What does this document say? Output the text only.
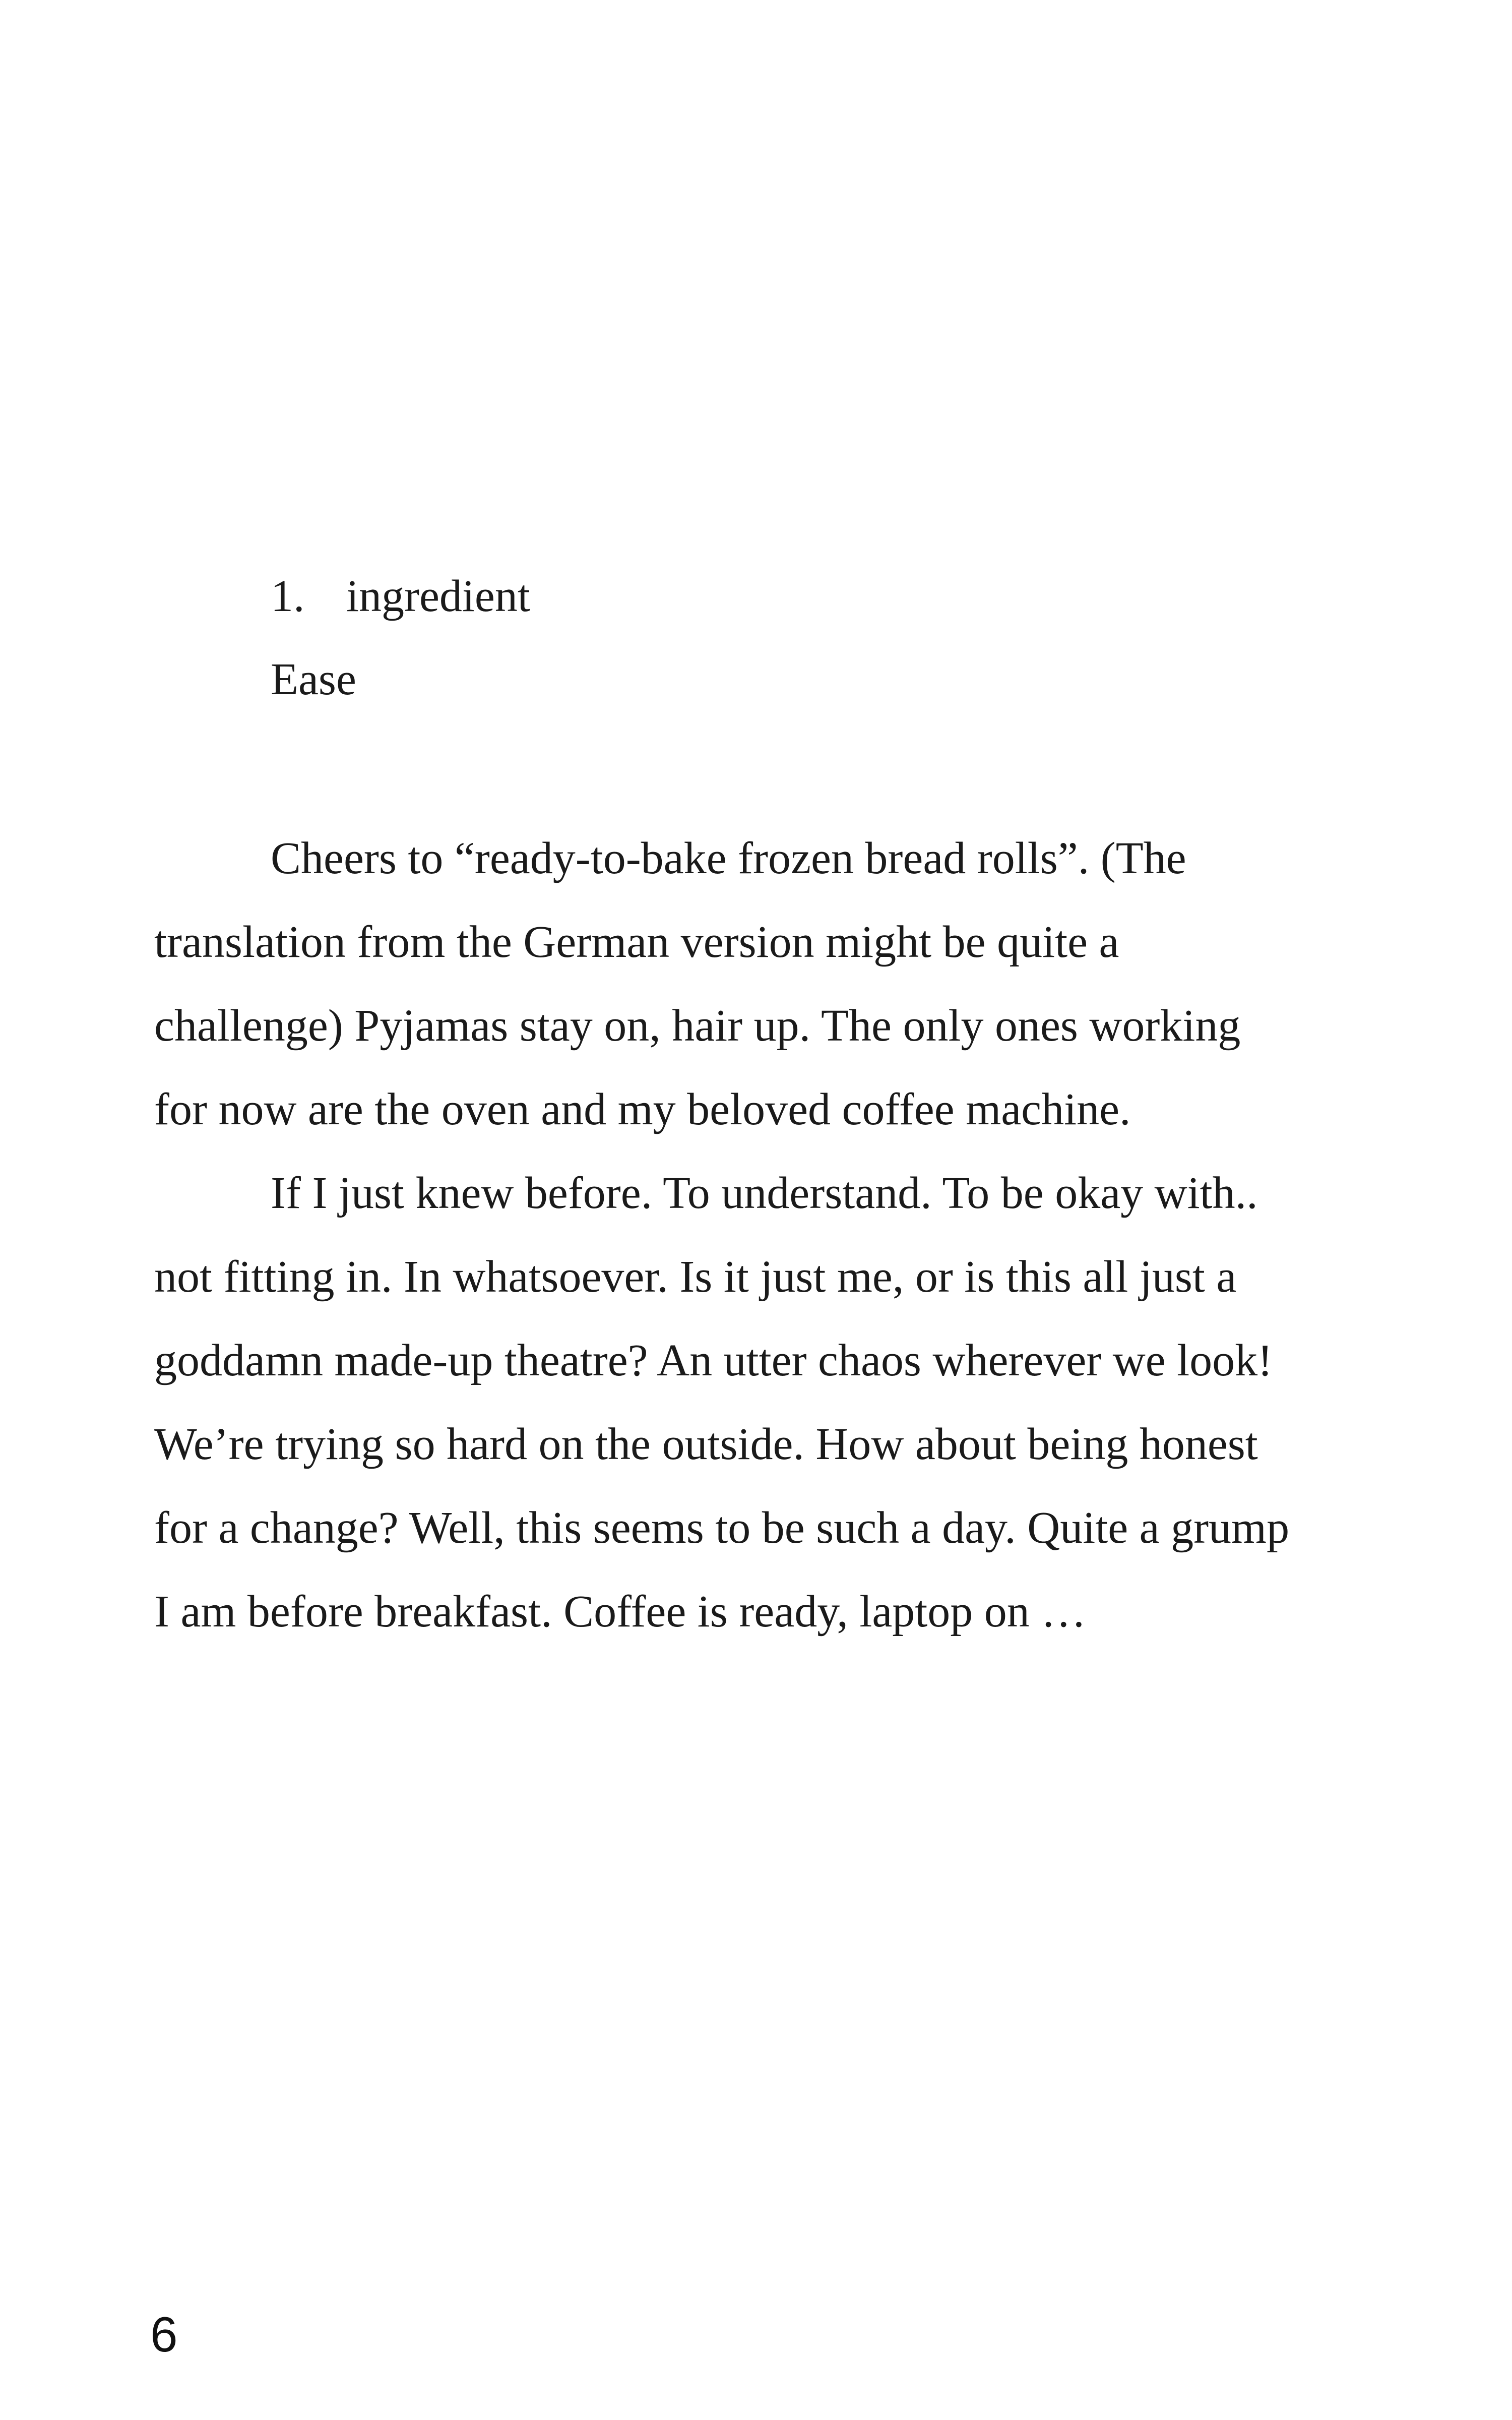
1. ingredient
Ease

Cheers to “ready-to-bake frozen bread rolls”. (The translation from the German version might be quite a challenge) Pyjamas stay on, hair up. The only ones working for now are the oven and my beloved coffee machine.

If I just knew before. To understand. To be okay with.. not fitting in. In whatsoever. Is it just me, or is this all just a goddamn made-up theatre? An utter chaos wherever we look! We’re trying so hard on the outside. How about being honest for a change? Well, this seems to be such a day. Quite a grump I am before breakfast. Coffee is ready, laptop on …

6
